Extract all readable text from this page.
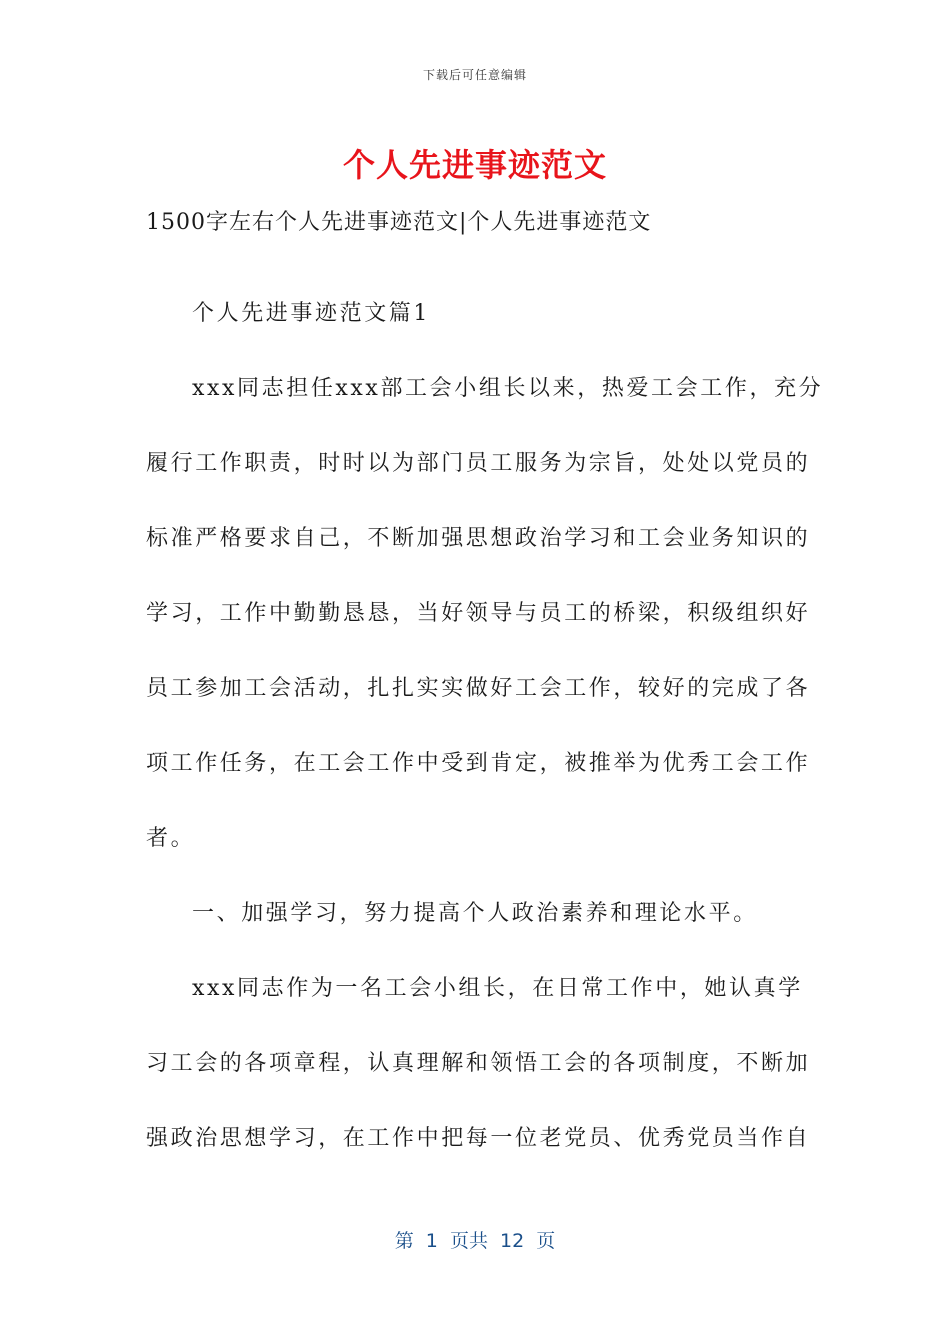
下载后可任意编辑
个人先进事迹范文
1500字左右个人先进事迹范文|个人先进事迹范文

个人先进事迹范文篇1

xxx同志担任xxx部工会小组长以来，热爱工会工作，充分

履行工作职责，时时以为部门员工服务为宗旨，处处以党员的

标准严格要求自己，不断加强思想政治学习和工会业务知识的

学习，工作中勤勤恳恳，当好领导与员工的桥梁，积级组织好

员工参加工会活动，扎扎实实做好工会工作，较好的完成了各

项工作任务，在工会工作中受到肯定，被推举为优秀工会工作

者。

一、加强学习，努力提高个人政治素养和理论水平。

xxx同志作为一名工会小组长，在日常工作中，她认真学

习工会的各项章程，认真理解和领悟工会的各项制度，不断加

强政治思想学习，在工作中把每一位老党员、优秀党员当作自

第  1  页共  12  页
